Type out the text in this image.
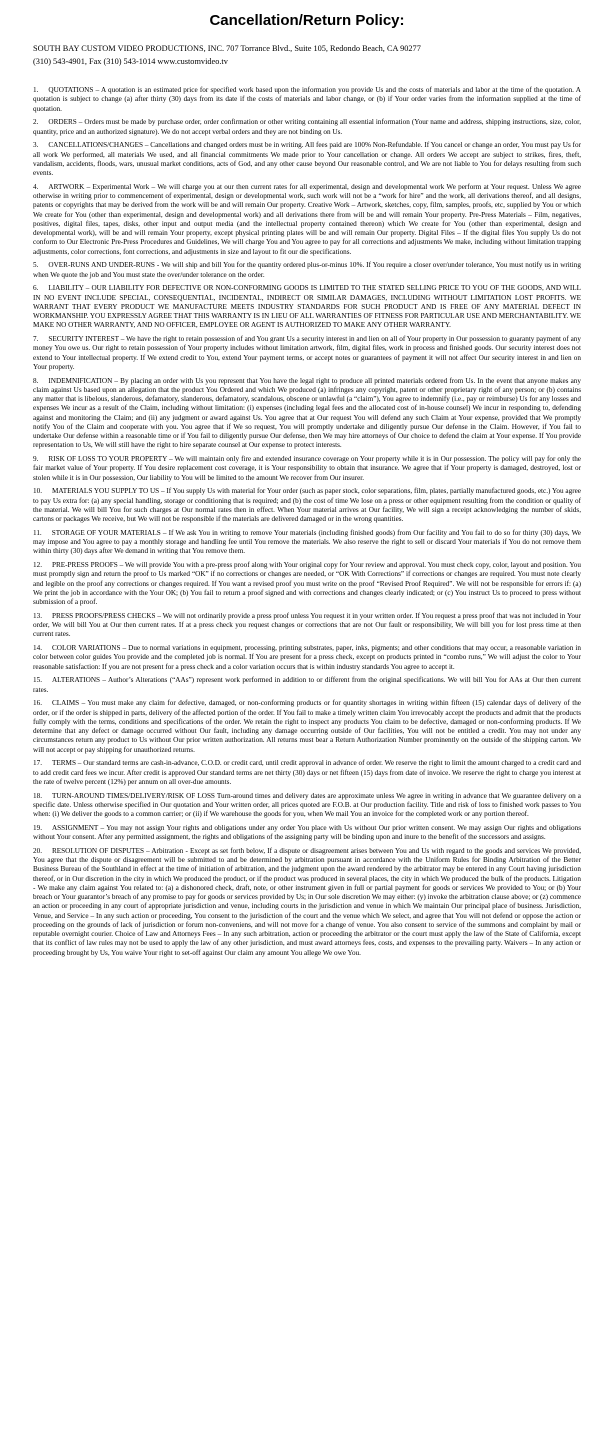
Cancellation/Return Policy:
SOUTH BAY CUSTOM VIDEO PRODUCTIONS, INC. 707 Torrance Blvd., Suite 105, Redondo Beach, CA 90277
(310) 543-4901, Fax (310) 543-1014 www.customvideo.tv
1. QUOTATIONS – A quotation is an estimated price for specified work based upon the information you provide Us and the costs of materials and labor at the time of the quotation. A quotation is subject to change (a) after thirty (30) days from its date if the costs of materials and labor change, or (b) if Your order varies from the information supplied at the time of quotation.
2. ORDERS – Orders must be made by purchase order, order confirmation or other writing containing all essential information (Your name and address, shipping instructions, size, color, quantity, price and an authorized signature). We do not accept verbal orders and they are not binding on Us.
3. CANCELLATIONS/CHANGES – Cancellations and changed orders must be in writing. All fees paid are 100% Non-Refundable. If You cancel or change an order, You must pay Us for all work We performed, all materials We used, and all financial commitments We made prior to Your cancellation or change. All orders We accept are subject to strikes, fires, theft, vandalism, accidents, floods, wars, unusual market conditions, acts of God, and any other cause beyond Our reasonable control, and We are not liable to You for delays resulting from such events.
4. ARTWORK – Experimental Work – We will charge you at our then current rates for all experimental, design and developmental work We perform at Your request. Unless We agree otherwise in writing prior to commencement of experimental, design or developmental work, such work will not be a “work for hire” and the work, all derivations thereof, and all designs, patents or copyrights that may be derived from the work will be and will remain Our property. Creative Work – Artwork, sketches, copy, film, samples, proofs, etc, supplied by You or which We create for You (other than experimental, design and developmental work) and all derivations there from will be and will remain Your property. Pre-Press Materials – Film, negatives, positives, digital files, tapes, disks, other input and output media (and the intellectual property contained thereon) which We create for You (other than experimental, design and developmental work), will be and will remain Your property, except physical printing plates will be and will remain Our property. Digital Files – If the digital files You supply Us do not conform to Our Electronic Pre-Press Procedures and Guidelines, We will charge You and You agree to pay for all corrections and adjustments We make, including without limitation trapping adjustments, color corrections, font corrections, and adjustments in size and layout to fit our die specifications.
5. OVER-RUNS AND UNDER-RUNS - We will ship and bill You for the quantity ordered plus-or-minus 10%. If You require a closer over/under tolerance, You must notify us in writing when We quote the job and You must state the over/under tolerance on the order.
6. LIABILITY – OUR LIABILITY FOR DEFECTIVE OR NON-CONFORMING GOODS IS LIMITED TO THE STATED SELLING PRICE TO YOU OF THE GOODS, AND WILL IN NO EVENT INCLUDE SPECIAL, CONSEQUENTIAL, INCIDENTAL, INDIRECT OR SIMILAR DAMAGES, INCLUDING WITHOUT LIMITATION LOST PROFITS. WE WARRANT THAT EVERY PRODUCT WE MANUFACTURE MEETS INDUSTRY STANDARDS FOR SUCH PRODUCT AND IS FREE OF ANY MATERIAL DEFECT IN WORKMANSHIP. YOU EXPRESSLY AGREE THAT THIS WARRANTY IS IN LIEU OF ALL WARRANTIES OF FITNESS FOR PARTICULAR USE AND MERCHANTABILITY. WE MAKE NO OTHER WARRANTY, AND NO OFFICER, EMPLOYEE OR AGENT IS AUTHORIZED TO MAKE ANY OTHER WARRANTY.
7. SECURITY INTEREST – We have the right to retain possession of and You grant Us a security interest in and lien on all of Your property in Our possession to guaranty payment of any money You owe us. Our right to retain possession of Your property includes without limitation artwork, film, digital files, work in process and finished goods. Our security interest does not extend to Your intellectual property. If We extend credit to You, extend Your payment terms, or accept notes or guarantees of payment it will not affect Our security interest in and lien on Your property.
8. INDEMNIFICATION – By placing an order with Us you represent that You have the legal right to produce all printed materials ordered from Us. In the event that anyone makes any claim against Us based upon an allegation that the product You Ordered and which We produced (a) infringes any copyright, patent or other proprietary right of any person; or (b) contains any matter that is libelous, slanderous, defamatory, slanderous, defamatory, scandalous, obscene or unlawful (a “claim”), You agree to indemnify (i.e., pay or reimburse) Us for any losses and expenses We incur as a result of the Claim, including without limitation: (i) expenses (including legal fees and the allocated cost of in-house counsel) We incur in responding to, defending against and monitoring the Claim; and (ii) any judgment or award against Us. You agree that at Our request You will defend any such Claim at Your expense, provided that We promptly notify You of the Claim and cooperate with you. You agree that if We so request, You will promptly undertake and diligently pursue Our defense in the Claim. However, if You fail to undertake Our defense within a reasonable time or if You fail to diligently pursue Our defense, then We may hire attorneys of Our choice to defend the claim at Your expense. If You provide representation to Us, We will still have the right to hire separate counsel at Our expense to protect interests.
9. RISK OF LOSS TO YOUR PROPERTY – We will maintain only fire and extended insurance coverage on Your property while it is in Our possession. The policy will pay for only the fair market value of Your property. If You desire replacement cost coverage, it is Your responsibility to obtain that insurance. We agree that if Your property is damaged, destroyed, lost or stolen while it is in Our possession, Our liability to You will be limited to the amount We recover from Our insurer.
10. MATERIALS YOU SUPPLY TO US – If You supply Us with material for Your order (such as paper stock, color separations, film, plates, partially manufactured goods, etc.) You agree to pay Us extra for: (a) any special handling, storage or conditioning that is required; and (b) the cost of time We lose on a press or other equipment resulting from the condition or quality of the material. We will bill You for such charges at Our normal rates then in effect. When Your material arrives at Our facility, We will sign a receipt acknowledging the number of skids, cartons or packages We receive, but We will not be responsible if the materials are delivered damaged or in the wrong quantities.
11. STORAGE OF YOUR MATERIALS – If We ask You in writing to remove Your materials (including finished goods) from Our facility and You fail to do so for thirty (30) days, We may impose and You agree to pay a monthly storage and handling fee until You remove the materials. We also reserve the right to sell or discard Your materials if You do not remove them within thirty (30) days after We demand in writing that You remove them.
12. PRE-PRESS PROOFS – We will provide You with a pre-press proof along with Your original copy for Your review and approval. You must check copy, color, layout and position. You must promptly sign and return the proof to Us marked “OK” if no corrections or changes are needed, or “OK With Corrections” if corrections or changes are required. You must note clearly and legible on the proof any corrections or changes required. If You want a revised proof you must write on the proof “Revised Proof Required”. We will not be responsible for errors if: (a) We print the job in accordance with the Your OK; (b) You fail to return a proof signed and with corrections and changes clearly indicated; or (c) You instruct Us to proceed to press without submission of a proof.
13. PRESS PROOFS/PRESS CHECKS – We will not ordinarily provide a press proof unless You request it in your written order. If You request a press proof that was not included in Your order, We will bill You at Our then current rates. If at a press check you request changes or corrections that are not Our fault or responsibility, We will bill you for lost press time at then current rates.
14. COLOR VARIATIONS – Due to normal variations in equipment, processing, printing substrates, paper, inks, pigments; and other conditions that may occur, a reasonable variation in color between color guides You provide and the completed job is normal. If You are present for a press check, except on products printed in “combo runs,” We will adjust the color to Your reasonable satisfaction: If you are not present for a press check and a color variation occurs that is within industry standards You agree to accept it.
15. ALTERATIONS – Author’s Alterations (“AAs”) represent work performed in addition to or different from the original specifications. We will bill You for AAs at Our then current rates.
16. CLAIMS – You must make any claim for defective, damaged, or non-conforming products or for quantity shortages in writing within fifteen (15) calendar days of delivery of the order, or if the order is shipped in parts, delivery of the affected portion of the order. If You fail to make a timely written claim You irrevocably accept the products and admit that the products fully comply with the terms, conditions and specifications of the order. We retain the right to inspect any products You claim to be defective, damaged or non-conforming products. If We determine that any defect or damage occurred without Our fault, including any damage occurring outside of Our facilities, You will not be entitled a credit. You may not under any circumstances return any product to Us without Our prior written authorization. All returns must bear a Return Authorization Number prominently on the outside of the shipping carton. We will not accept or pay shipping for unauthorized returns.
17. TERMS – Our standard terms are cash-in-advance, C.O.D. or credit card, until credit approval in advance of order. We reserve the right to limit the amount charged to a credit card and to add credit card fees we incur. After credit is approved Our standard terms are net thirty (30) days or net fifteen (15) days from date of invoice. We reserve the right to charge you interest at the rate of twelve percent (12%) per annum on all over-due amounts.
18. TURN-AROUND TIMES/DELIVERY/RISK OF LOSS Turn-around times and delivery dates are approximate unless We agree in writing in advance that We guarantee delivery on a specific date. Unless otherwise specified in Our quotation and Your written order, all prices quoted are F.O.B. at Our production facility. Title and risk of loss to finished work passes to You when: (i) We deliver the goods to a common carrier; or (ii) if We warehouse the goods for you, when We mail You an invoice for the completed work or any portion thereof.
19. ASSIGNMENT – You may not assign Your rights and obligations under any order You place with Us without Our prior written consent. We may assign Our rights and obligations without Your consent. After any permitted assignment, the rights and obligations of the assigning party will be binding upon and inure to the benefit of the successors and assigns.
20. RESOLUTION OF DISPUTES – Arbitration - Except as set forth below, If a dispute or disagreement arises between You and Us with regard to the goods and services We provided, You agree that the dispute or disagreement will be submitted to and be determined by arbitration pursuant in accordance with the Uniform Rules for Binding Arbitration of the Better Business Bureau of the Southland in effect at the time of initiation of arbitration, and the judgment upon the award rendered by the arbitrator may be entered in any Court having jurisdiction thereof, or in Our discretion in the city in which We produced the product, or if the product was produced in several places, the city in which We produced the bulk of the products. Litigation - We make any claim against You related to: (a) a dishonored check, draft, note, or other instrument given in full or partial payment for goods or services We provided to You; or (b) Your breach or Your guarantor’s breach of any promise to pay for goods or services provided by Us; in Our sole discretion We may either: (y) invoke the arbitration clause above; or (z) commence an action or proceeding in any court of appropriate jurisdiction and venue, including courts in the jurisdiction and venue in which We maintain Our principal place of business. Jurisdiction, Venue, and Service – In any such action or proceeding, You consent to the jurisdiction of the court and the venue which We select, and agree that You will not defend or oppose the action or proceeding on the grounds of lack of jurisdiction or forum non-conveniens, and will not move for a change of venue. You also consent to service of the summons and complaint by mail or reputable overnight courier. Choice of Law and Attorneys Fees – In any such arbitration, action or proceeding the arbitrator or the court must apply the law of the State of California, except that its conflict of law rules may not be used to apply the law of any other jurisdiction, and must award attorneys fees, costs, and expenses to the prevailing party. Waivers – In any action or proceeding brought by Us, You waive Your right to set-off against Our claim any amount You allege We owe You.
